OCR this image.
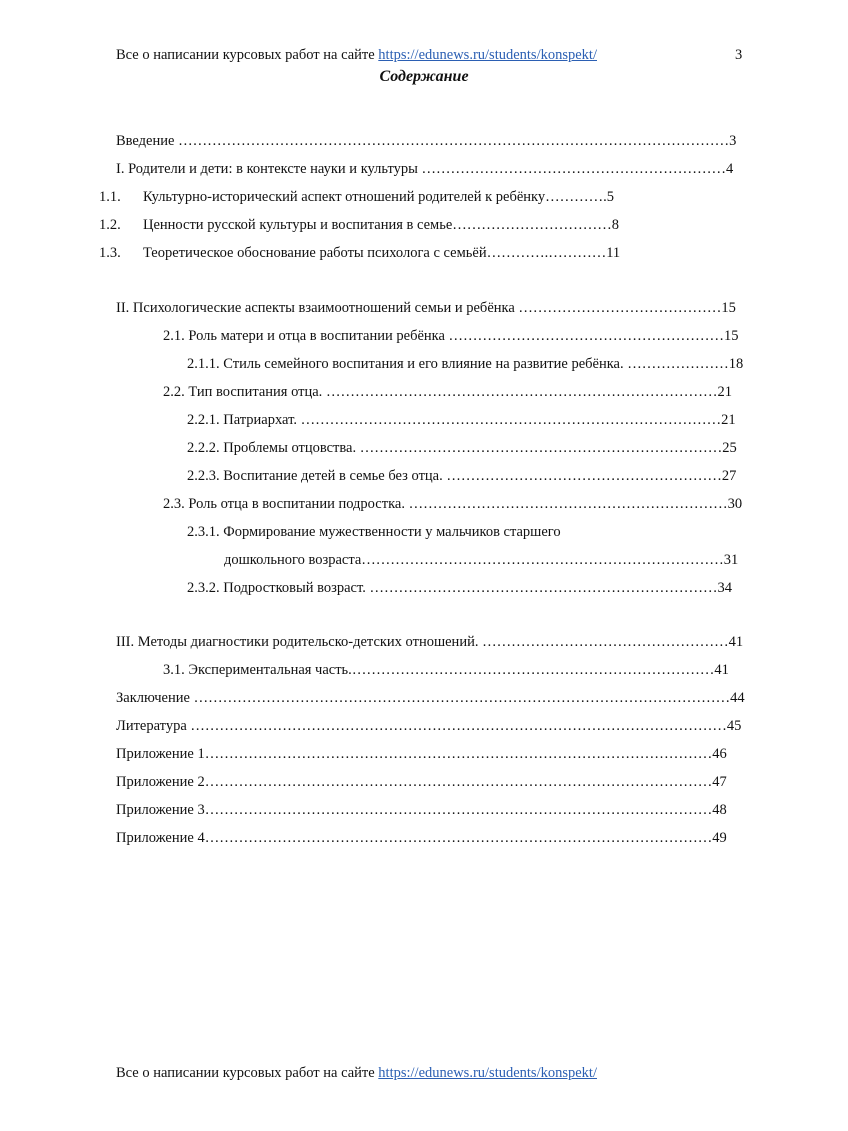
Все о написании курсовых работ на сайте https://edunews.ru/students/konspekt/	3
Содержание
Введение ……………………………………………………………………………………………………3
I. Родители и дети: в контексте науки и культуры ………………………………………………………4
1.1. Культурно-исторический аспект отношений родителей к ребёнку………….5
1.2. Ценности русской культуры и воспитания в семье……………………………8
1.3. Теоретическое обоснование работы психолога с семьёй………….…………11
II. Психологические аспекты взаимоотношений семьи и ребёнка ……………………………………15
2.1. Роль матери и отца в воспитании ребёнка …………………………………………………15
2.1.1. Стиль семейного воспитания и его влияние на развитие ребёнка. …………………18
2.2. Тип воспитания отца. ………………………………………………………………………21
2.2.1. Патриархат. ……………………………………………………………………………21
2.2.2. Проблемы отцовства. …………………………………………………………………25
2.2.3. Воспитание детей в семье без отца. …………………………………………………27
2.3. Роль отца в воспитании подростка. …………………………………………………………30
2.3.1. Формирование мужественности у мальчиков старшего
дошкольного возраста…………………………………………………………………31
2.3.2. Подростковый возраст. ………………………………………………………………34
III. Методы диагностики родительско-детских отношений. ……………………………………………41
3.1. Экспериментальная часть.…………………………………………………………………41
Заключение …………………………………………………………………………………………………44
Литература …………………………………………………………………………………………………45
Приложение 1……………………………………………………………………………………………46
Приложение 2……………………………………………………………………………………………47
Приложение 3……………………………………………………………………………………………48
Приложение 4……………………………………………………………………………………………49
Все о написании курсовых работ на сайте https://edunews.ru/students/konspekt/
